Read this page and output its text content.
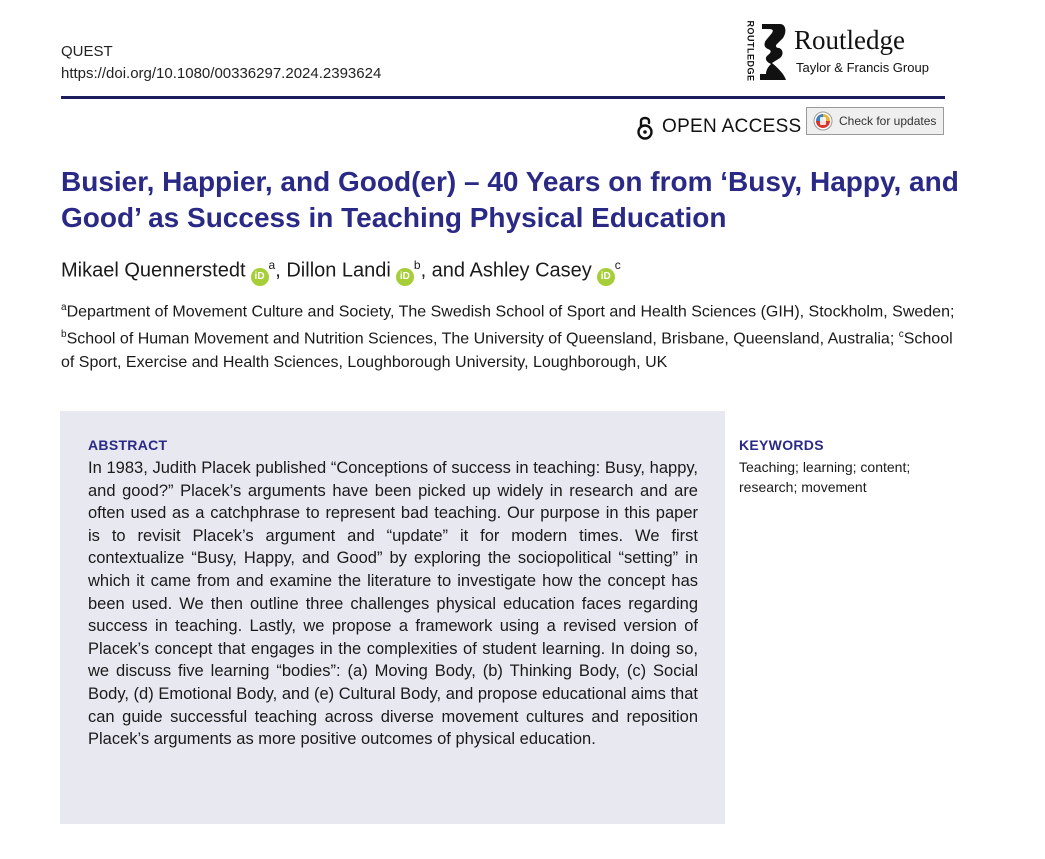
QUEST
https://doi.org/10.1080/00336297.2024.2393624	ROUTLEDGE Routledge
Taylor & Francis Group
OPEN ACCESS	Check for updates
Busier, Happier, and Good(er) – 40 Years on from ‘Busy, Happy, and Good’ as Success in Teaching Physical Education
Mikael Quennerstedt $iD^a$, Dillon Landi $iD^b$, and Ashley Casey $iD^c$

$^a$Department of Movement Culture and Society, The Swedish School of Sport and Health Sciences (GIH), Stockholm, Sweden; $^b$School of Human Movement and Nutrition Sciences, The University of Queensland, Brisbane, Queensland, Australia; $^c$School of Sport, Exercise and Health Sciences, Loughborough University, Loughborough, UK

ABSTRACT

In 1983, Judith Placek published “Conceptions of success in teaching: Busy, happy, and good?” Placek’s arguments have been picked up widely in research and are often used as a catchphrase to represent bad teaching. Our purpose in this paper is to revisit Placek’s argument and “update” it for modern times. We first contextualize “Busy, Happy, and Good” by exploring the sociopolitical “setting” in which it came from and examine the literature to investigate how the concept has been used. We then outline three challenges physical education faces regarding success in teaching. Lastly, we propose a framework using a revised version of Placek’s concept that engages in the complexities of student learning. In doing so, we discuss five learning “bodies”: (a) Moving Body, (b) Thinking Body, (c) Social Body, (d) Emotional Body, and (e) Cultural Body, and propose educational aims that can guide successful teaching across diverse movement cultures and reposition Placek’s arguments as more positive outcomes of physical education.

KEYWORDS

Teaching; learning; content; research; movement
